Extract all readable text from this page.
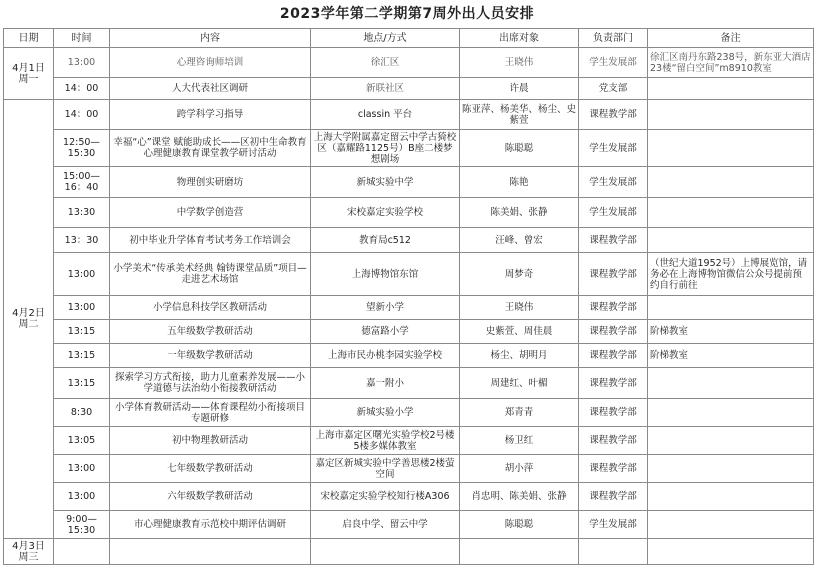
2023学年第二学期第7周外出人员安排
日期	时间	内容	地点/方式	出席对象	负责部门	备注

4月1日
周一	13:00	心理咨询师培训	徐汇区	王晓伟	学生发展部	徐汇区南丹东路238号，新东亚大酒店23楼“留白空间”m8910教室
	14：00	人大代表社区调研	新联社区	许晨	党支部	

4月2日
周二	14：00	跨学科学习指导	classin 平台	陈亚萍、杨美华、杨尘、史紫萱	课程教学部	
	12:50—15:30	幸福“心”课堂 赋能助成长——区初中生命教育心理健康教育课堂教学研讨活动	上海大学附属嘉定留云中学古猗校区（嘉耀路1125号）B座二楼梦想剧场	陈聪聪	学生发展部	
	15:00—16：40	物理创实研磨坊	新城实验中学	陈艳	学生发展部	
	13:30	中学数学创造营	宋校嘉定实验学校	陈美娟、张静	学生发展部	
	13：30	初中毕业升学体育考试考务工作培训会	教育局c512	汪峰、曾宏	课程教学部	
	13:00	小学美术“传承美术经典 翰铸课堂品质”项目—走进艺术场馆	上海博物馆东馆	周梦奇	课程教学部	（世纪大道1952号）上博展览馆，请务必在上海博物馆微信公众号提前预约自行前往
	13:00	小学信息科技学区教研活动	望新小学	王晓伟	课程教学部	
	13:15	五年级数学教研活动	德富路小学	史紫萱、周佳晨	课程教学部	阶梯教室
	13:15	一年级数学教研活动	上海市民办桃李园实验学校	杨尘、胡明月	课程教学部	阶梯教室
	13:15	探索学习方式衔接，助力儿童素养发展——小学道德与法治幼小衔接教研活动	嘉一附小	周建红、叶楣	课程教学部	
	8:30	小学体育教研活动——体育课程幼小衔接项目专题研修	新城实验小学	郑青青	课程教学部	
	13:05	初中物理教研活动	上海市嘉定区曙光实验学校2号楼5楼多媒体教室	杨卫红	课程教学部	
	13:00	七年级数学教研活动	嘉定区新城实验中学善思楼2楼萤空间	胡小萍	课程教学部	
	13:00	六年级数学教研活动	宋校嘉定实验学校知行楼A306	肖忠明、陈美娟、张静	课程教学部	
	9:00—15:30	市心理健康教育示范校中期评估调研	启良中学、留云中学	陈聪聪	学生发展部	

4月3日
周三						
